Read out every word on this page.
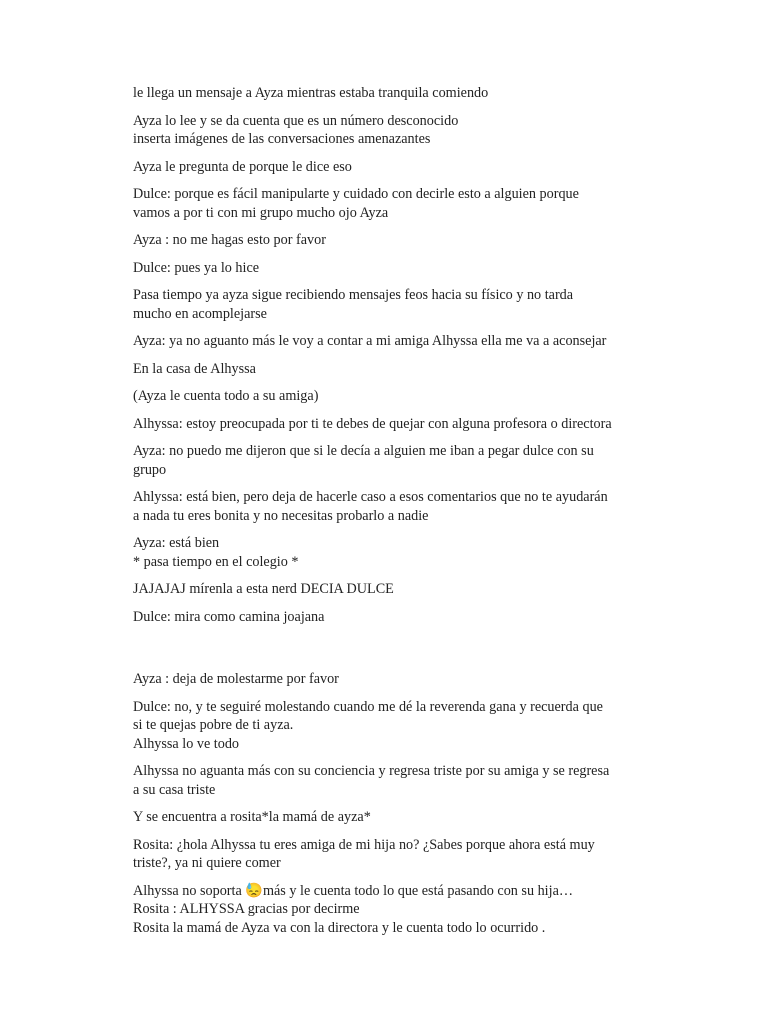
le llega un mensaje a Ayza mientras estaba tranquila comiendo
Ayza lo lee y se da cuenta que es un número desconocido
inserta imágenes de las conversaciones amenazantes
Ayza le pregunta de porque le dice eso
Dulce: porque es fácil manipularte y cuidado con decirle esto a alguien porque
vamos a por ti con mi grupo mucho ojo Ayza
Ayza : no me hagas esto por favor
Dulce: pues ya lo hice
Pasa tiempo ya ayza sigue recibiendo mensajes feos hacia su físico y no tarda
mucho en acomplejarse
Ayza: ya no aguanto más le voy a contar a mi amiga Alhyssa ella me va a aconsejar
En la casa de Alhyssa
(Ayza le cuenta todo a su amiga)
Alhyssa: estoy preocupada por ti te debes de quejar con alguna profesora o directora
Ayza: no puedo me dijeron que si le decía a alguien me iban a pegar dulce con su
grupo
Ahlyssa: está bien, pero deja de hacerle caso a esos comentarios que no te ayudarán
a nada tu eres bonita y no necesitas probarlo a nadie
Ayza: está bien
* pasa tiempo en el colegio *
JAJAJAJ mírenla a esta nerd DECIA DULCE
Dulce: mira como camina joajana
Ayza : deja de molestarme por favor
Dulce: no, y te seguiré molestando cuando me dé la reverenda gana y recuerda que
si te quejas pobre de ti ayza.
Alhyssa lo ve todo
Alhyssa no aguanta más con su conciencia y regresa triste por su amiga y se regresa
a su casa triste
Y se encuentra a rosita*la mamá de ayza*
Rosita: ¿hola Alhyssa tu eres amiga de mi hija no? ¿Sabes porque ahora está muy
triste?, ya ni quiere comer
Alhyssa no soporta 😓más y le cuenta todo lo que está pasando con su hija…
Rosita : ALHYSSA gracias por decirme
Rosita la mamá de Ayza va con la directora y le cuenta todo lo ocurrido .
